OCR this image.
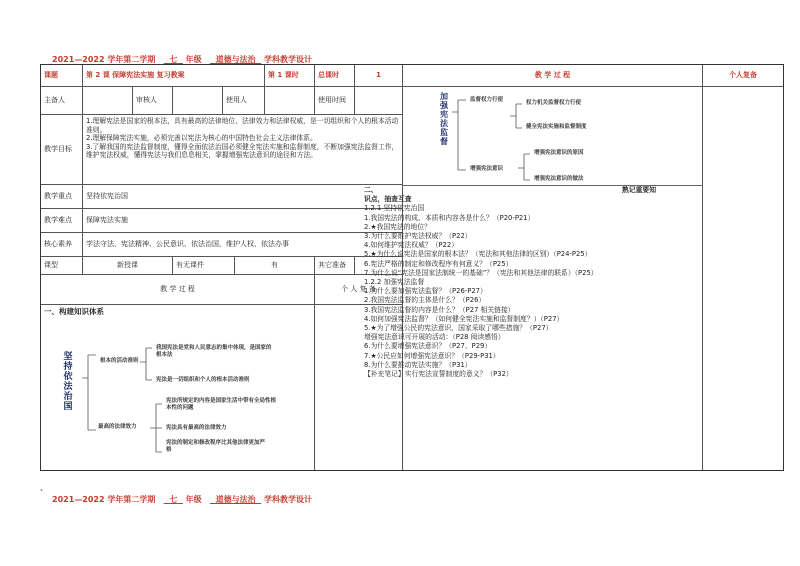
2021—2022 学年第二学期 七 年级 道德与法治 学科教学设计
课题	第 2 课 保障宪法实施 复习教案	第 1 课时	总课时	1	教 学 过 程	个人复备
主备人	审核人	使用人	使用时间
教学目标
1.理解宪法是国家的根本法，具有最高的法律地位、法律效力和法律权威，是一切组织和个人的根本活动准则。
2.理解保障宪法实施，必须完善以宪法为核心的中国特色社会主义法律体系。
3.了解我国的宪法监督制度，懂得全面依法治国必须健全宪法实施和监督制度，不断加强宪法监督工作，维护宪法权威，懂得宪法与我们息息相关，掌握增强宪法意识的途径和方法。
教学重点	坚持依宪治国
教学难点	保障宪法实施
核心素养	学法守法、宪法精神、公民意识、依法治国，维护人权、依法办事
课型	新授课	有无课件	有	其它准备
教 学 过 程	个 人 复 备
一、构建知识体系
坚持依法治国
根本的活动准则
我国宪法是党和人民意志的集中体现，是国家的根本法
宪法是一切组织和个人的根本活动准则
最高的法律效力
宪法所规定的内容是国家生活中带有全局性根本性的问题
宪法具有最高的法律效力
宪法的制定和修改程序比其他法律更加严格
加强宪法监督
监督权力行使	权力机关监督权力行使
健全宪法实施和监督制度
增强宪法意识
增强宪法意识的原因
增强宪法意识的做法
二、	熟记重要知
识点，抽查互查
1.2.1 坚持依宪治国
1.我国宪法的构成、本质和内容各是什么？（P20-P21）
2.★我国宪法的地位？
3.为什么要维护宪法权威？（P22）
4.如何维护宪法权威？（P22）
5.★为什么说宪法是国家的根本法？（宪法和其他法律的区别）（P24-P25）
6.宪法严格的制定和修改程序有何意义？（P25）
7.为什么说“宪法是国家法制统一的基础”？（宪法和其他法律的联系）（P25）
1.2.2 加强宪法监督
1.为什么要加强宪法监督？（P26-P27）
2.我国宪法监督的主体是什么？（P26）
3.我国宪法监督的内容是什么？（P27 相关链接）
4.如何加强宪法监督？（如何健全宪法实施和监督制度？）（P27）
5.★为了增强公民的宪法意识，国家采取了哪些措施？（P27）
增强宪法意识可开展的活动：（P28 阅读感悟）
6.为什么要增强宪法意识？（P27、P29）
7.★公民应如何增强宪法意识？（P29-P31）
8.为什么要推动宪法实施？（P31）
【补充笔记】实行宪法宣誓制度的意义？（P32）
、
2021—2022 学年第二学期 七 年级 道德与法治 学科教学设计
